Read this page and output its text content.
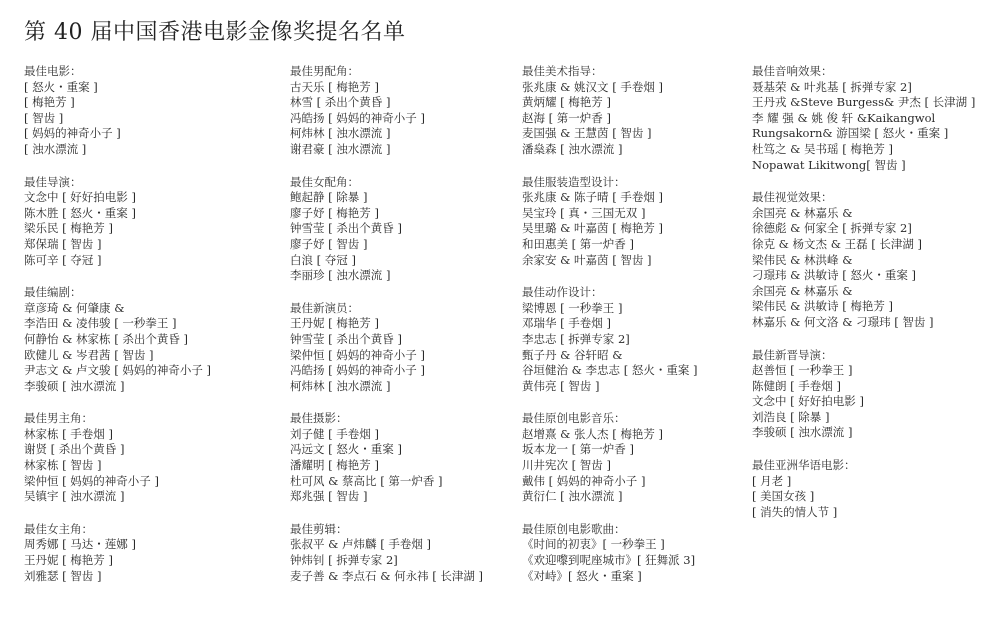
第 40 届中国香港电影金像奖提名名单
最佳电影：
[ 怒火・重案 ]
[ 梅艳芳 ]
[ 智齿 ]
[ 妈妈的神奇小子 ]
[ 浊水漂流 ]
最佳导演：
文念中 [ 好好拍电影 ]
陈木胜 [ 怒火・重案 ]
梁乐民 [ 梅艳芳 ]
郑保瑞 [ 智齿 ]
陈可辛 [ 夺冠 ]
最佳编剧：
章彦琦 & 何肇康 &
李浩田 & 凌伟骏 [ 一秒拳王 ]
何静怡 & 林家栋 [ 杀出个黄昏 ]
欧健儿 & 岑君茜 [ 智齿 ]
尹志文 & 卢文骏 [ 妈妈的神奇小子 ]
李骏硕 [ 浊水漂流 ]
最佳男主角：
林家栋 [ 手卷烟 ]
谢贤 [ 杀出个黄昏 ]
林家栋 [ 智齿 ]
梁仲恒 [ 妈妈的神奇小子 ]
吴镇宇 [ 浊水漂流 ]
最佳女主角：
周秀娜 [ 马达・莲娜 ]
王丹妮 [ 梅艳芳 ]
刘雅瑟 [ 智齿 ]
最佳男配角：
古天乐 [ 梅艳芳 ]
林雪 [ 杀出个黄昏 ]
冯皓扬 [ 妈妈的神奇小子 ]
柯炜林 [ 浊水漂流 ]
谢君豪 [ 浊水漂流 ]
最佳女配角：
鲍起静 [ 除暴 ]
廖子妤 [ 梅艳芳 ]
钟雪莹 [ 杀出个黄昏 ]
廖子妤 [ 智齿 ]
白浪 [ 夺冠 ]
李丽珍 [ 浊水漂流 ]
最佳新演员：
王丹妮 [ 梅艳芳 ]
钟雪莹 [ 杀出个黄昏 ]
梁仲恒 [ 妈妈的神奇小子 ]
冯皓扬 [ 妈妈的神奇小子 ]
柯炜林 [ 浊水漂流 ]
最佳摄影：
刘子健 [ 手卷烟 ]
冯远文 [ 怒火・重案 ]
潘耀明 [ 梅艳芳 ]
杜可风 & 蔡高比 [ 第一炉香 ]
郑兆强 [ 智齿 ]
最佳剪辑：
张叔平 & 卢炜麟 [ 手卷烟 ]
钟炜钊 [ 拆弹专家 2]
麦子善 & 李点石 & 何永祎 [ 长津湖 ]
最佳美术指导：
张兆康 & 姚汉文 [ 手卷烟 ]
黄炳耀 [ 梅艳芳 ]
赵海 [ 第一炉香 ]
麦国强 & 王慧茵 [ 智齿 ]
潘燊森 [ 浊水漂流 ]
最佳服装造型设计：
张兆康 & 陈子晴 [ 手卷烟 ]
吴宝玲 [ 真・三国无双 ]
吴里璐 & 叶嘉茵 [ 梅艳芳 ]
和田惠美 [ 第一炉香 ]
余家安 & 叶嘉茵 [ 智齿 ]
最佳动作设计：
梁博恩 [ 一秒拳王 ]
邓瑞华 [ 手卷烟 ]
李忠志 [ 拆弹专家 2]
甄子丹 & 谷轩昭 &
谷垣健治 & 李忠志 [ 怒火・重案 ]
黄伟亮 [ 智齿 ]
最佳原创电影音乐：
赵增熹 & 张人杰 [ 梅艳芳 ]
坂本龙一 [ 第一炉香 ]
川井宪次 [ 智齿 ]
戴伟 [ 妈妈的神奇小子 ]
黄衍仁 [ 浊水漂流 ]
最佳原创电影歌曲：
《时间的初衷》[ 一秒拳王 ]
《欢迎嚟到呢座城市》[ 狂舞派 3]
《对峙》[ 怒火・重案 ]
最佳音响效果：
聂基荣 & 叶兆基 [ 拆弹专家 2]
王丹戎 &Steve Burgess& 尹杰 [ 长津湖 ]
李 耀 强 & 姚 俊 轩 &Kaikangwol
Rungsakorn& 游国梁 [ 怒火・重案 ]
杜笃之 & 吴书瑶 [ 梅艳芳 ]
Nopawat Likitwong[ 智齿 ]
最佳视觉效果：
余国亮 & 林嘉乐 &
徐德彪 & 何家全 [ 拆弹专家 2]
徐克 & 杨文杰 & 王磊 [ 长津湖 ]
梁伟民 & 林洪峰 &
刁璟玮 & 洪敏诗 [ 怒火・重案 ]
余国亮 & 林嘉乐 &
梁伟民 & 洪敏诗 [ 梅艳芳 ]
林嘉乐 & 何文洛 & 刁璟玮 [ 智齿 ]
最佳新晋导演：
赵善恒 [ 一秒拳王 ]
陈健朗 [ 手卷烟 ]
文念中 [ 好好拍电影 ]
刘浩良 [ 除暴 ]
李骏硕 [ 浊水漂流 ]
最佳亚洲华语电影：
[ 月老 ]
[ 美国女孩 ]
[ 消失的情人节 ]
